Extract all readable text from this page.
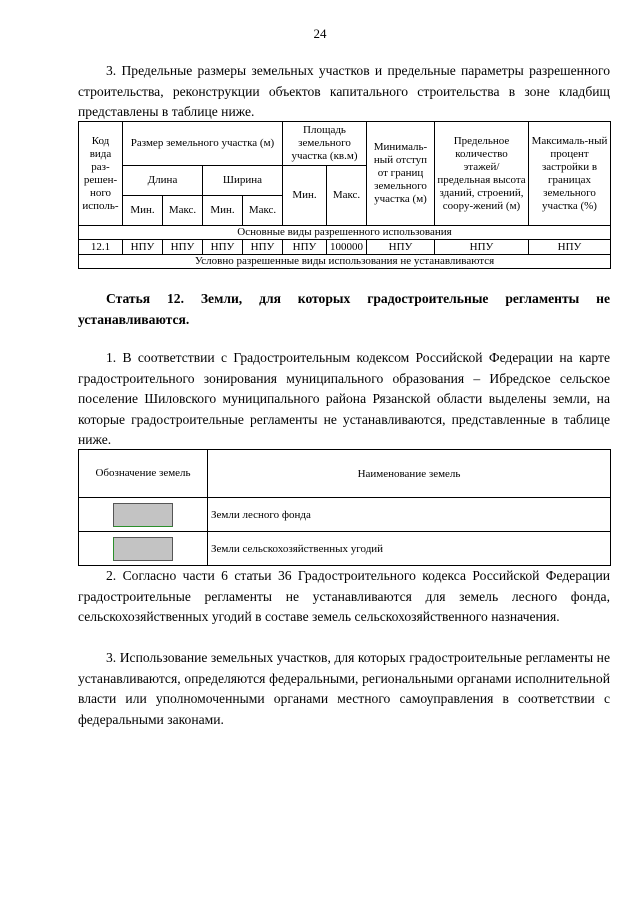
24

3. Предельные размеры земельных участков и предельные параметры разрешенного строительства, реконструкции объектов капитального строительства в зоне кладбищ представлены в таблице ниже.

Код вида раз-решен-ного исполь-	Размер земельного участка (м)				Площадь земельного участка (кв.м)		Минималь-ный отступ от границ земельного участка (м)	Предельное количество этажей/ предельная высота зданий, строений, соору-жений (м)	Максималь-ный процент застройки в границах земельного участка (%)
	Длина		Ширина		Мин.	Макс.			
	Мин.	Макс.	Мин.	Макс.					
Основные виды разрешенного использования									
12.1	НПУ	НПУ	НПУ	НПУ	НПУ	100000	НПУ	НПУ	НПУ
Условно разрешенные виды использования не устанавливаются									

Статья 12. Земли, для которых градостроительные регламенты не устанавливаются.

1. В соответствии с Градостроительным кодексом Российской Федерации на карте градостроительного зонирования муниципального образования – Ибредское сельское поселение Шиловского муниципального района Рязанской области выделены земли, на которые градостроительные регламенты не устанавливаются, представленные в таблице ниже.

Обозначение земель	Наименование земель

	Земли лесного фонда

	Земли сельскохозяйственных угодий

2. Согласно части 6 статьи 36 Градостроительного кодекса Российской Федерации градостроительные регламенты не устанавливаются для земель лесного фонда, сельскохозяйственных угодий в составе земель сельскохозяйственного назначения.

3. Использование земельных участков, для которых градостроительные регламенты не устанавливаются, определяются федеральными, региональными органами исполнительной власти или уполномоченными органами местного самоуправления в соответствии с федеральными законами.
